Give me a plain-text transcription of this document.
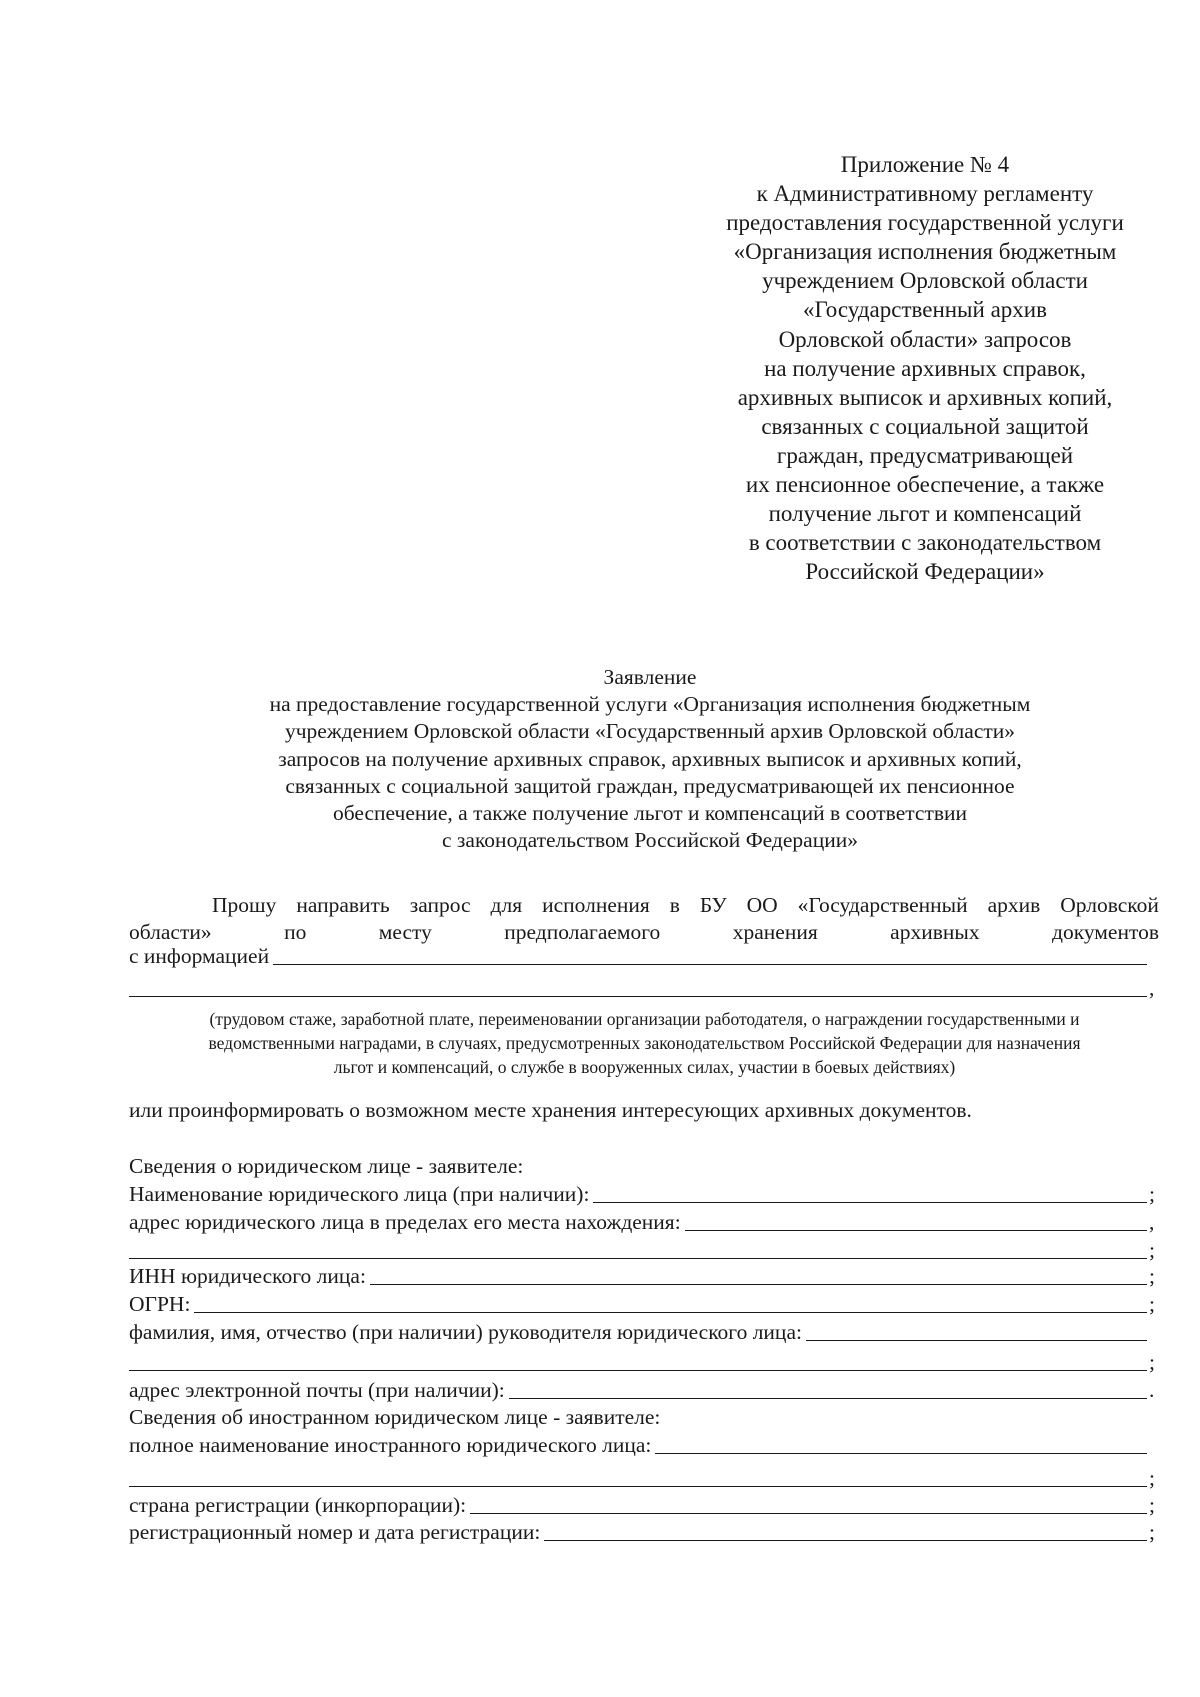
Приложение № 4
к Административному регламенту
предоставления государственной услуги
«Организация исполнения бюджетным
учреждением Орловской области
«Государственный архив
Орловской области» запросов
на получение архивных справок,
архивных выписок и архивных копий,
связанных с социальной защитой
граждан, предусматривающей
их пенсионное обеспечение, а также
получение льгот и компенсаций
в соответствии с законодательством
Российской Федерации»
Заявление
на предоставление государственной услуги «Организация исполнения бюджетным
учреждением Орловской области «Государственный архив Орловской области»
запросов на получение архивных справок, архивных выписок и архивных копий,
связанных с социальной защитой граждан, предусматривающей их пенсионное
обеспечение, а также получение льгот и компенсаций в соответствии
с законодательством Российской Федерации»
Прошу направить запрос для исполнения в БУ ОО «Государственный архив Орловской
области»	по	месту	предполагаемого	хранения	архивных	документов
с информацией
,
(трудовом стаже, заработной плате, переименовании организации работодателя, о награждении государственными и
ведомственными наградами, в случаях, предусмотренных законодательством Российской Федерации для назначения
льгот и компенсаций, о службе в вооруженных силах, участии в боевых действиях)
или проинформировать о возможном месте хранения интересующих архивных документов.
Сведения о юридическом лице - заявителе:
Наименование юридического лица (при наличии):	;
адрес юридического лица в пределах его места нахождения:	,
;
ИНН юридического лица:	;
ОГРН:	;
фамилия, имя, отчество (при наличии) руководителя юридического лица:
;
адрес электронной почты (при наличии):	.
Сведения об иностранном юридическом лице - заявителе:
полное наименование иностранного юридического лица:
;
страна регистрации (инкорпорации):	;
регистрационный номер и дата регистрации:	;
